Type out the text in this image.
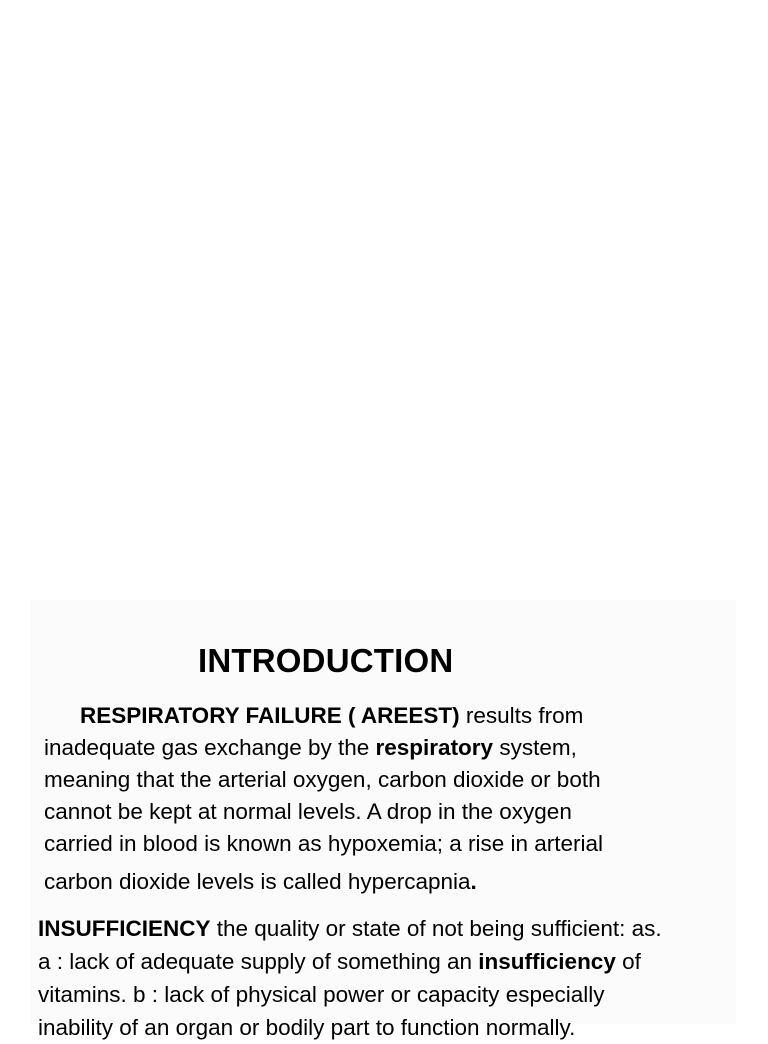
INTRODUCTION
RESPIRATORY FAILURE ( AREEST) results from
inadequate gas exchange by the respiratory system,
meaning that the arterial oxygen, carbon dioxide or both
cannot be kept at normal levels. A drop in the oxygen
carried in blood is known as hypoxemia; a rise in arterial
carbon dioxide levels is called hypercapnia.
INSUFFICIENCY the quality or state of not being sufficient: as.
a : lack of adequate supply of something an insufficiency of
vitamins. b : lack of physical power or capacity especially
inability of an organ or bodily part to function normally.
